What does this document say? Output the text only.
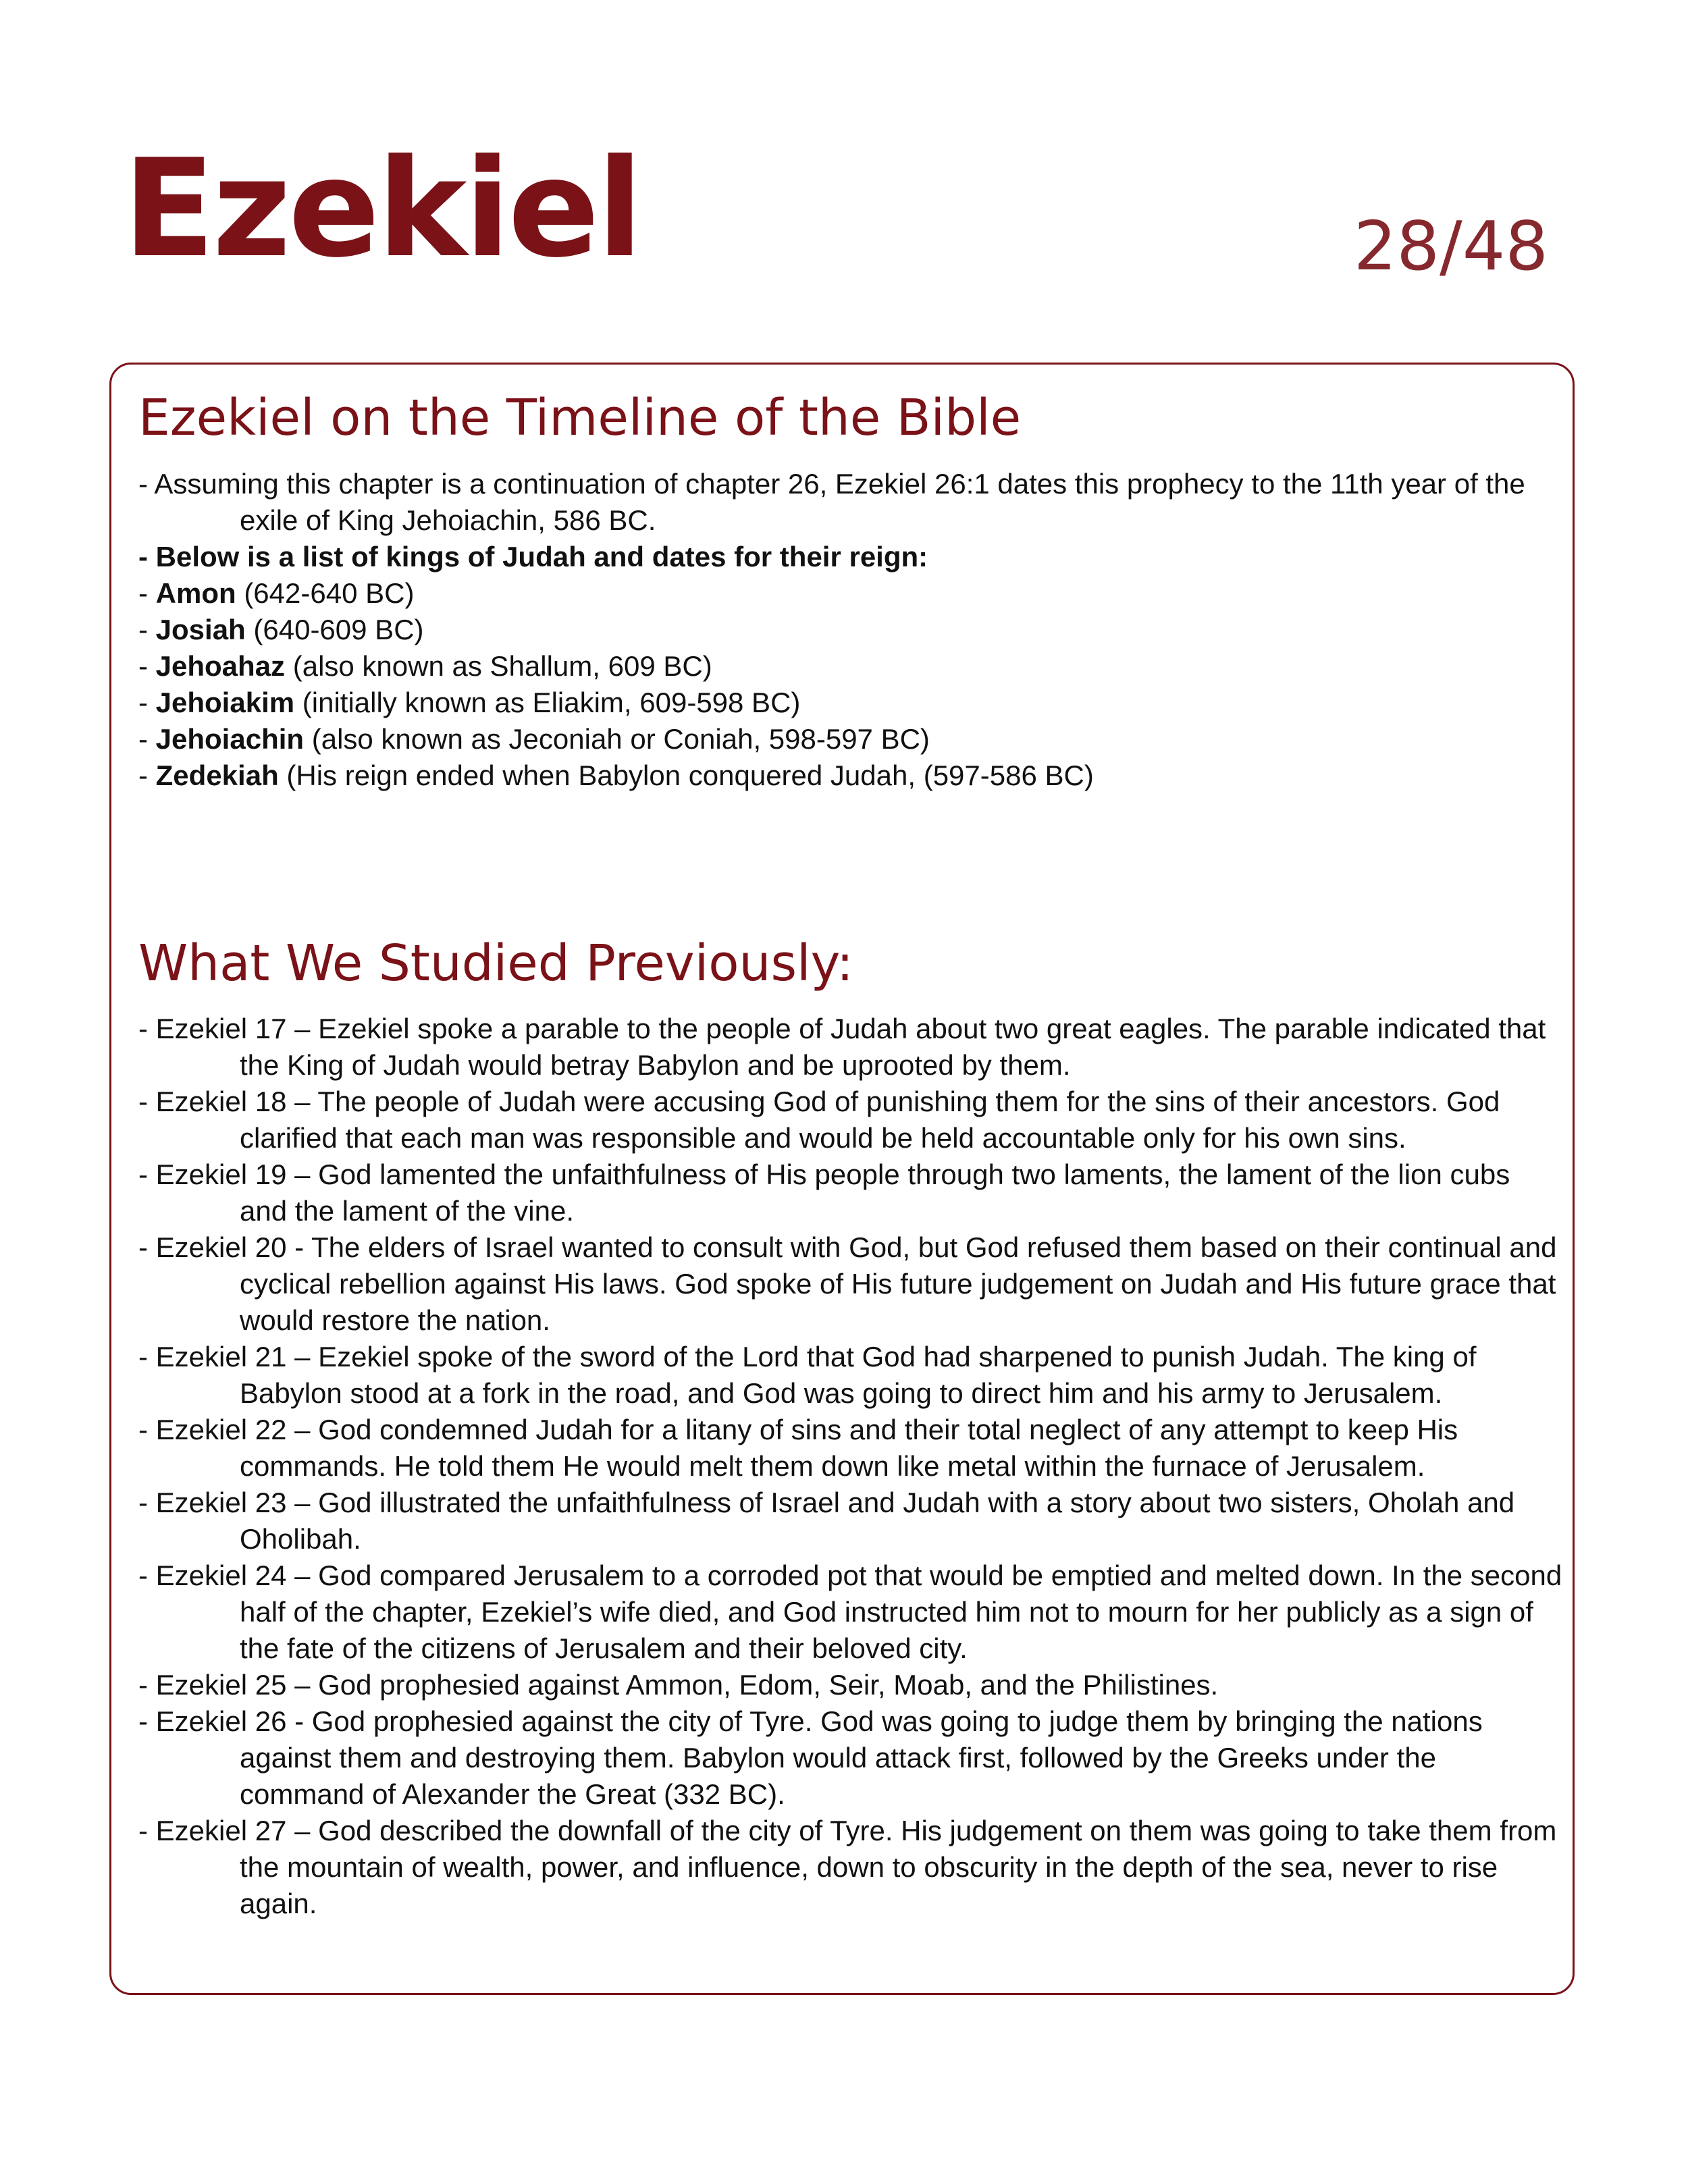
Ezekiel	28/48
Ezekiel on the Timeline of the Bible
- Assuming this chapter is a continuation of chapter 26, Ezekiel 26:1 dates this prophecy to the 11th year of the exile of King Jehoiachin, 586 BC.
- Below is a list of kings of Judah and dates for their reign:
- Amon (642-640 BC)
- Josiah (640-609 BC)
- Jehoahaz (also known as Shallum, 609 BC)
- Jehoiakim (initially known as Eliakim, 609-598 BC)
- Jehoiachin (also known as Jeconiah or Coniah, 598-597 BC)
- Zedekiah (His reign ended when Babylon conquered Judah, (597-586 BC)
What We Studied Previously:
- Ezekiel 17 – Ezekiel spoke a parable to the people of Judah about two great eagles. The parable indicated that the King of Judah would betray Babylon and be uprooted by them.
- Ezekiel 18 – The people of Judah were accusing God of punishing them for the sins of their ancestors. God clarified that each man was responsible and would be held accountable only for his own sins.
- Ezekiel 19 – God lamented the unfaithfulness of His people through two laments, the lament of the lion cubs and the lament of the vine.
- Ezekiel 20 - The elders of Israel wanted to consult with God, but God refused them based on their continual and cyclical rebellion against His laws. God spoke of His future judgement on Judah and His future grace that would restore the nation.
- Ezekiel 21 – Ezekiel spoke of the sword of the Lord that God had sharpened to punish Judah. The king of Babylon stood at a fork in the road, and God was going to direct him and his army to Jerusalem.
- Ezekiel 22 – God condemned Judah for a litany of sins and their total neglect of any attempt to keep His commands. He told them He would melt them down like metal within the furnace of Jerusalem.
- Ezekiel 23 – God illustrated the unfaithfulness of Israel and Judah with a story about two sisters, Oholah and Oholibah.
- Ezekiel 24 – God compared Jerusalem to a corroded pot that would be emptied and melted down. In the second half of the chapter, Ezekiel’s wife died, and God instructed him not to mourn for her publicly as a sign of the fate of the citizens of Jerusalem and their beloved city.
- Ezekiel 25 – God prophesied against Ammon, Edom, Seir, Moab, and the Philistines.
- Ezekiel 26 - God prophesied against the city of Tyre. God was going to judge them by bringing the nations against them and destroying them. Babylon would attack first, followed by the Greeks under the command of Alexander the Great (332 BC).
- Ezekiel 27 – God described the downfall of the city of Tyre. His judgement on them was going to take them from the mountain of wealth, power, and influence, down to obscurity in the depth of the sea, never to rise again.
